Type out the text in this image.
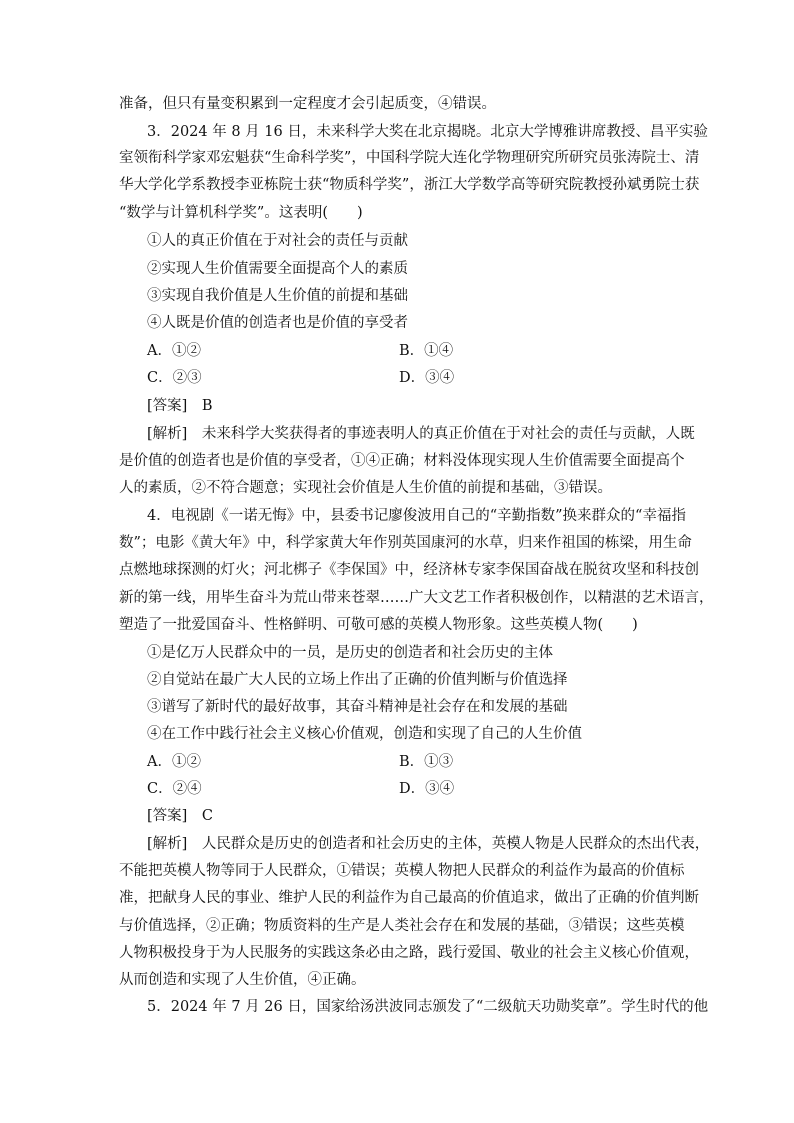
准备，但只有量变积累到一定程度才会引起质变，④错误。
3．2024 年 8 月 16 日，未来科学大奖在北京揭晓。北京大学博雅讲席教授、昌平实验
室领衔科学家邓宏魁获“生命科学奖”，中国科学院大连化学物理研究所研究员张涛院士、清
华大学化学系教授李亚栋院士获“物质科学奖”，浙江大学数学高等研究院教授孙斌勇院士获
“数学与计算机科学奖”。这表明(　　)
①人的真正价值在于对社会的责任与贡献
②实现人生价值需要全面提高个人的素质
③实现自我价值是人生价值的前提和基础
④人既是价值的创造者也是价值的享受者
A．①②	B．①④
C．②③	D．③④
[答案]　B
[解析]　未来科学大奖获得者的事迹表明人的真正价值在于对社会的责任与贡献，人既
是价值的创造者也是价值的享受者，①④正确；材料没体现实现人生价值需要全面提高个
人的素质，②不符合题意；实现社会价值是人生价值的前提和基础，③错误。
4．电视剧《一诺无悔》中，县委书记廖俊波用自己的“辛勤指数”换来群众的“幸福指
数”；电影《黄大年》中，科学家黄大年作别英国康河的水草，归来作祖国的栋梁，用生命
点燃地球探测的灯火；河北梆子《李保国》中，经济林专家李保国奋战在脱贫攻坚和科技创
新的第一线，用毕生奋斗为荒山带来苍翠……广大文艺工作者积极创作，以精湛的艺术语言，
塑造了一批爱国奋斗、性格鲜明、可敬可感的英模人物形象。这些英模人物(　　)
①是亿万人民群众中的一员，是历史的创造者和社会历史的主体
②自觉站在最广大人民的立场上作出了正确的价值判断与价值选择
③谱写了新时代的最好故事，其奋斗精神是社会存在和发展的基础
④在工作中践行社会主义核心价值观，创造和实现了自己的人生价值
A．①②	B．①③
C．②④	D．③④
[答案]　C
[解析]　人民群众是历史的创造者和社会历史的主体，英模人物是人民群众的杰出代表，
不能把英模人物等同于人民群众，①错误；英模人物把人民群众的利益作为最高的价值标
准，把献身人民的事业、维护人民的利益作为自己最高的价值追求，做出了正确的价值判断
与价值选择，②正确；物质资料的生产是人类社会存在和发展的基础，③错误；这些英模
人物积极投身于为人民服务的实践这条必由之路，践行爱国、敬业的社会主义核心价值观，
从而创造和实现了人生价值，④正确。
5．2024 年 7 月 26 日，国家给汤洪波同志颁发了“二级航天功勋奖章”。学生时代的他
